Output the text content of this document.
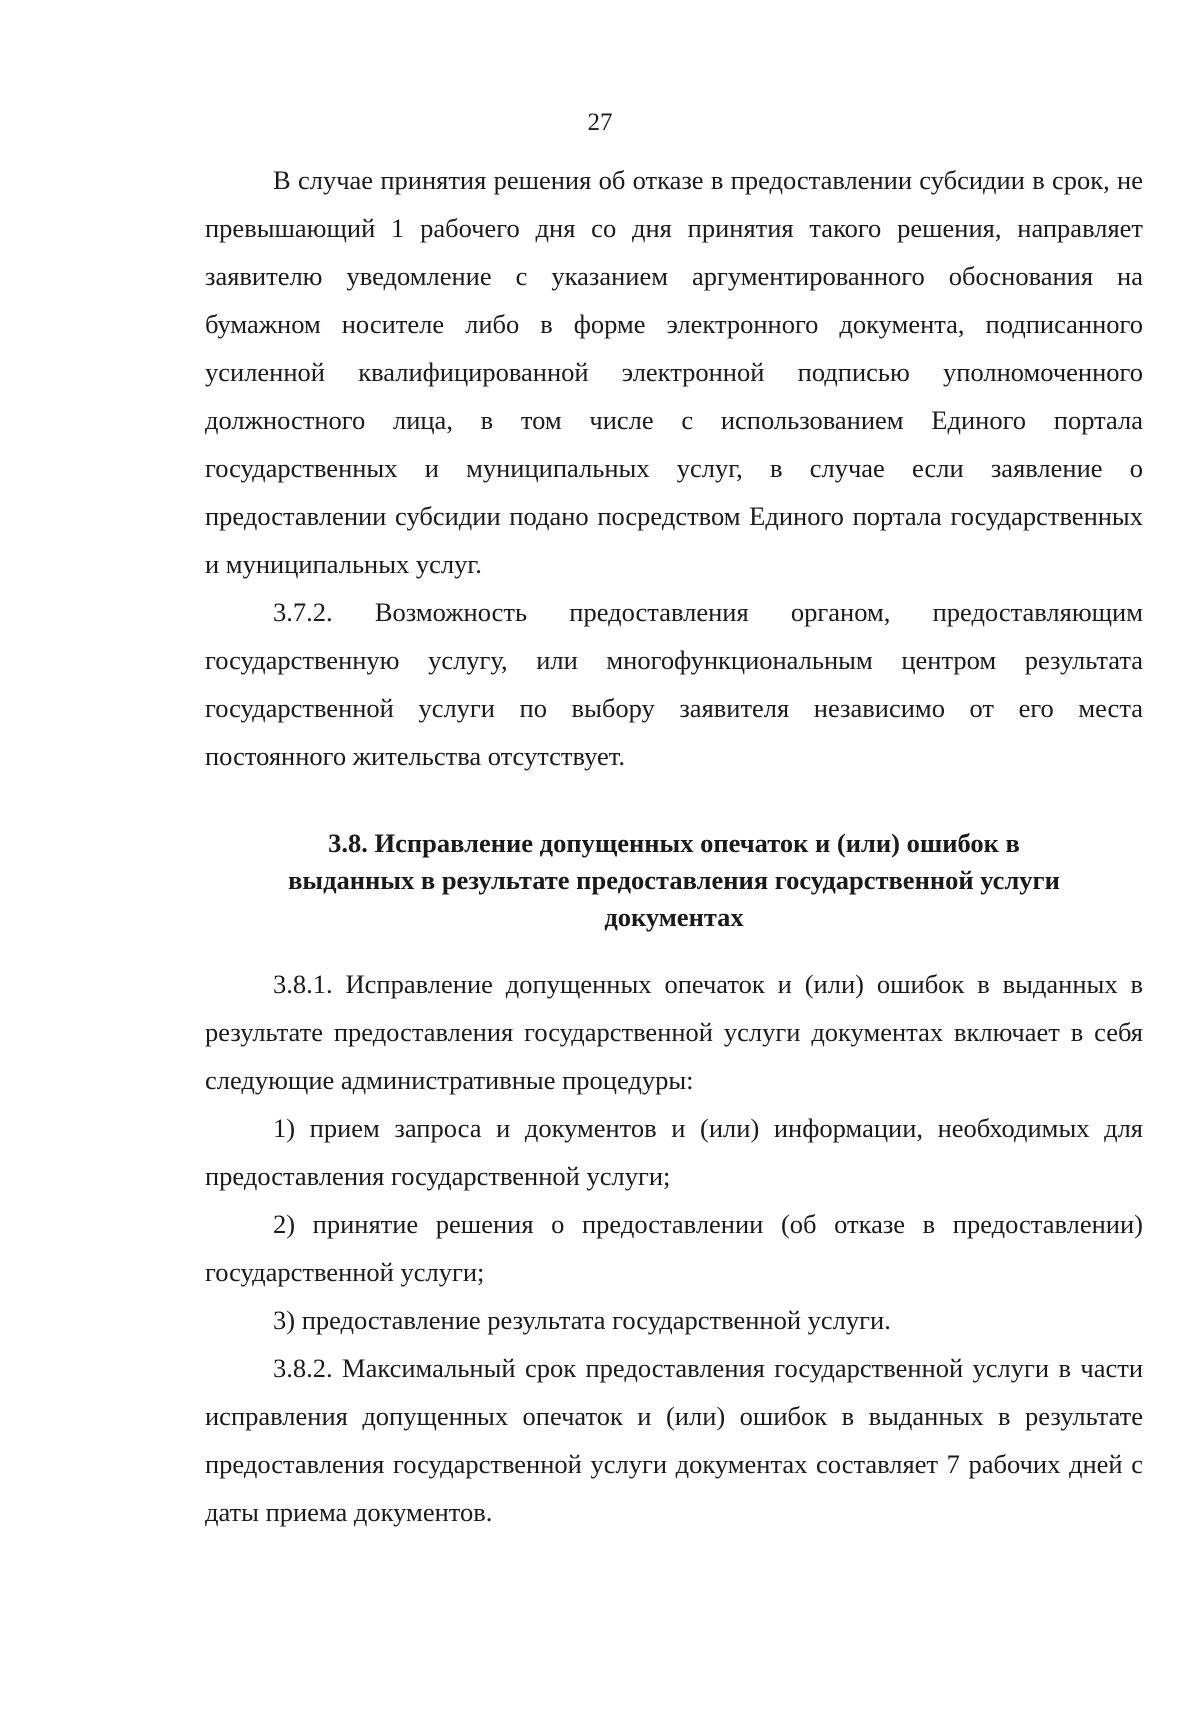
27

В случае принятия решения об отказе в предоставлении субсидии в срок, не превышающий 1 рабочего дня со дня принятия такого решения, направляет заявителю уведомление с указанием аргументированного обоснования на бумажном носителе либо в форме электронного документа, подписанного усиленной квалифицированной электронной подписью уполномоченного должностного лица, в том числе с использованием Единого портала государственных и муниципальных услуг, в случае если заявление о предоставлении субсидии подано посредством Единого портала государственных и муниципальных услуг.

3.7.2. Возможность предоставления органом, предоставляющим государственную услугу, или многофункциональным центром результата государственной услуги по выбору заявителя независимо от его места постоянного жительства отсутствует.

3.8. Исправление допущенных опечаток и (или) ошибок в
выданных в результате предоставления государственной услуги
документах

3.8.1. Исправление допущенных опечаток и (или) ошибок в выданных в результате предоставления государственной услуги документах включает в себя следующие административные процедуры:

1) прием запроса и документов и (или) информации, необходимых для предоставления государственной услуги;

2) принятие решения о предоставлении (об отказе в предоставлении) государственной услуги;

3) предоставление результата государственной услуги.

3.8.2. Максимальный срок предоставления государственной услуги в части исправления допущенных опечаток и (или) ошибок в выданных в результате предоставления государственной услуги документах составляет 7 рабочих дней с даты приема документов.
